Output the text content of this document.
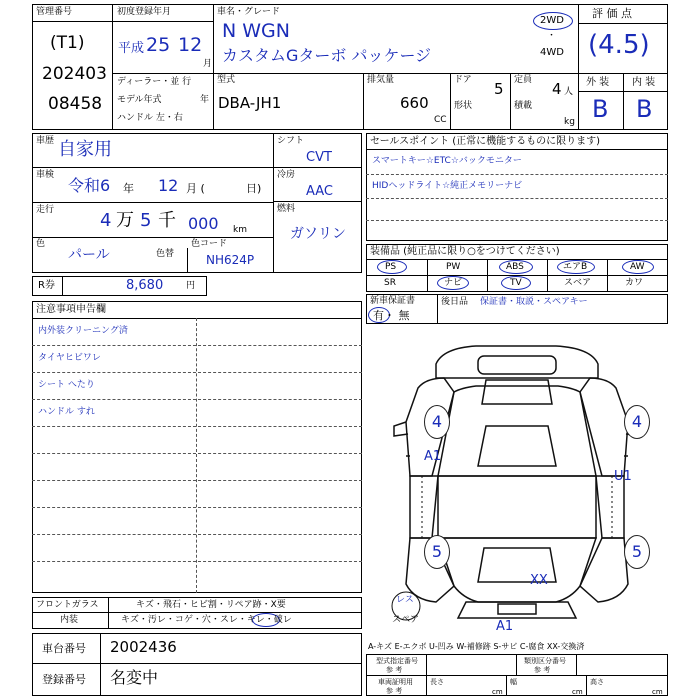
管理番号
(T1)
202403
08458
初度登録年月
平成 25 12
月
ディーラー・並 行
モデル年式	年
ハンドル 左・右
車名・グレード
N WGN
カスタムGターボ パッケージ
2WD
・
4WD
評 価 点
(4.5)
型式
DBA-JH1
排気量
660
CC
ドア 5 定員 4 人
形状	積載
kg
外 装 内 装
B B
車歴 自家用
車検
令和6 年 12 月 (	日)
走行	4 万 5 千 000 km
色
パール	色替
色コード
NH624P
シフト
CVT
冷房
AAC
燃料
ガソリン
R券	8,680	円
セールスポイント (正常に機能するものに限ります)
スマートキー☆ETC☆バックモニター
HIDヘッドライト☆純正メモリーナビ
装備品 (純正品に限り○をつけてください)
PS	PW	ABS	エアB	AW
SR	ナビ	TV	スベア	カワ
新車保証書
有・ 無
後日品 保証書・取説・スペアキー
注意事項申告欄
内外装クリーニング済
タイヤヒビワレ
シート へたり
ハンドル すれ	4	4
5	5
A1
U1
XX
A1
レス
スペア
フロントガラス	キズ・飛石・ヒビ割・リペア跡・X要
内装	キズ・汚レ・コゲ・穴・スレ・キレ・破レ
車台番号 2002436
登録番号 名変中
A-キズ E-エクボ U-凹み W-補修跡 S-サビ C-腐食 XX-交換済
型式指定番号
参 考
類別区分番号
参 考
車両証明用
参 考
長さ
cm
幅
cm
高さ
cm
